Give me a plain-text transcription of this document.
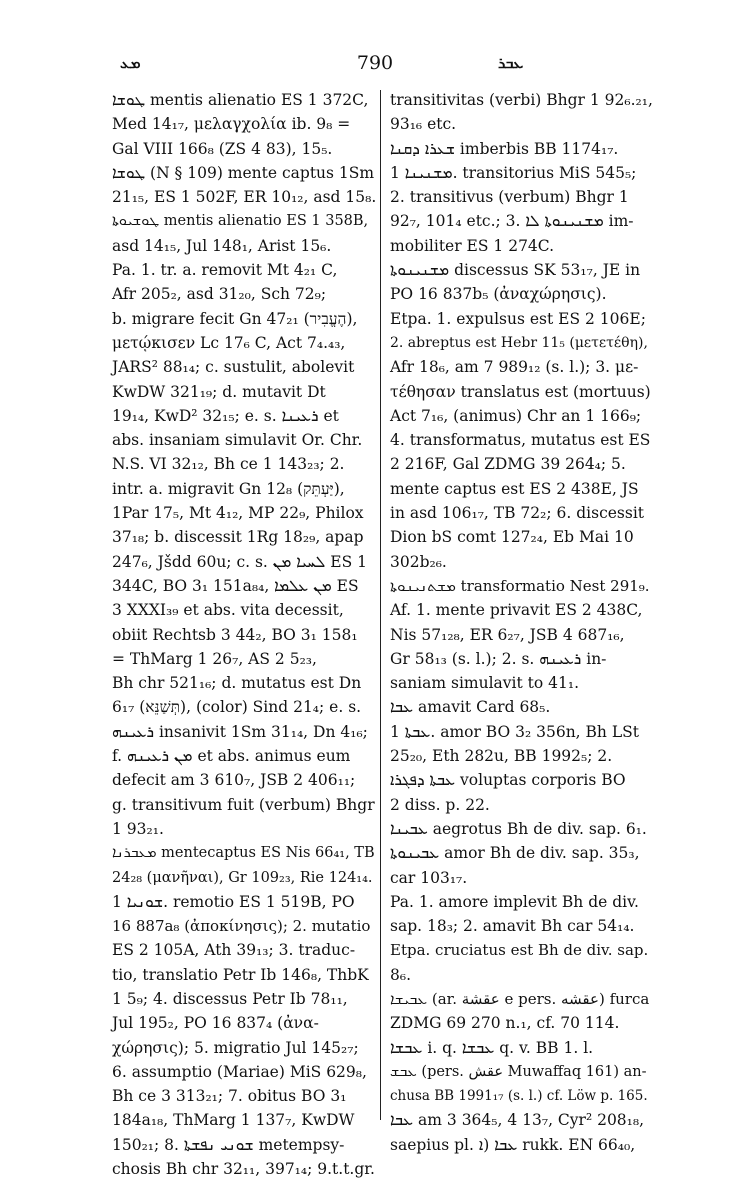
ܡܥ	790	ܥܒܪ
ܛܘܫܐ mentis alienatio ES 1 372C,
Med 14₁₇, μελαγχολία ib. 9₈ =
Gal VIII 166₈ (ZS 4 83), 15₅.
ܛܘܫܐ (N § 109) mente captus 1Sm
21₁₅, ES 1 502F, ER 10₁₂, asd 15₈.
ܛܘܫܝܘܬܐ mentis alienatio ES 1 358B,
asd 14₁₅, Jul 148₁, Arist 15₆.
Pa. 1. tr. a. removit Mt 4₂₁ C,
Afr 205₂, asd 31₂₀, Sch 72₉;
b. migrare fecit Gn 47₂₁ (הֶעֱבִיר),
μετῴκισεν Lc 17₆ C, Act 7₄.₄₃,
JARS² 88₁₄; c. sustulit, abolevit
KwDW 321₁₉; d. mutavit Dt
19₁₄, KwD² 32₁₅; e. s. ܪܥܝܢܐ et
abs. insaniam simulavit Or. Chr.
N.S. VI 32₁₂, Bh ce 1 143₂₃; 2.
intr. a. migravit Gn 12₈ (יַּעְתֵּק),
1Par 17₅, Mt 4₁₂, MP 22₉, Philox
37₁₈; b. discessit 1Rg 18₂₉, apap
247₆, Jšdd 60u; c. s. ܠܚܝܐ ܡܢ ES 1
344C, BO 3₁ 151a₈₄, ܡܢ ܥܠܡܐ ES
3 XXXI₃₉ et abs. vita decessit,
obiit Rechtsb 3 44₂, BO 3₁ 158₁
= ThMarg 1 26₇, AS 2 5₂₃,
Bh chr 521₁₆; d. mutatus est Dn
6₁₇ (תְּשַׁנֵּא), (color) Sind 21₄; e. s.
ܪܥܝܢܗ insanivit 1Sm 31₁₄, Dn 4₁₆;
f. ܡܢ ܪܥܝܢܗ et abs. animus eum
defecit am 3 610₇, JSB 2 406₁₁;
g. transitivum fuit (verbum) Bhgr
1 93₂₁.
ܡܥܒܪܢܐ mentecaptus ES Nis 66₄₁, TB
24₂₈ (μανῆναι), Gr 109₂₃, Rie 124₁₄.
ܫܘܢܝܐ 1. remotio ES 1 519B, PO
16 887a₈ (ἀποκίνησις); 2. mutatio
ES 2 105A, Ath 39₁₃; 3. traduc-
tio, translatio Petr Ib 146₈, ThbK
1 5₉; 4. discessus Petr Ib 78₁₁,
Jul 195₂, PO 16 837₄ (ἀνα-
χώρησις); 5. migratio Jul 145₂₇;
6. assumptio (Mariae) MiS 629₈,
Bh ce 3 313₂₁; 7. obitus BO 3₁
184a₁₈, ThMarg 1 137₇, KwDW
150₂₁; 8. ܫܘܢܝ ܢܦܫܬܐ metempsy-
chosis Bh chr 32₁₁, 397₁₄; 9.t.t.gr.
transitivitas (verbi) Bhgr 1 92₆.₂₁,
93₁₆ etc.
ܫܥܪܐ ܕܩܢܐ imberbis BB 1174₁₇.
ܡܫܢܝܢܐ 1. transitorius MiS 545₅;
2. transitivus (verbum) Bhgr 1
92₇, 101₄ etc.; 3. ܡܫܢܝܢܘܬܐ ܠܐ im-
mobiliter ES 1 274C.
ܡܫܢܝܢܘܬܐ discessus SK 53₁₇, JE in
PO 16 837b₅ (ἀναχώρησις).
Etpa. 1. expulsus est ES 2 106E;
2. abreptus est Hebr 11₅ (μετετέθη),
Afr 18₆, am 7 989₁₂ (s. l.); 3. με-
τέθησαν translatus est (mortuus)
Act 7₁₆, (animus) Chr an 1 166₉;
4. transformatus, mutatus est ES
2 216F, Gal ZDMG 39 264₄; 5.
mente captus est ES 2 438E, JS
in asd 106₁₇, TB 72₂; 6. discessit
Dion bS comt 127₂₄, Eb Mai 10
302b₂₆.
ܡܫܬܢܝܢܘܬܐ transformatio Nest 291₉.
Af. 1. mente privavit ES 2 438C,
Nis 57₁₂₈, ER 6₂₇, JSB 4 687₁₆,
Gr 58₁₃ (s. l.); 2. s. ܪܥܝܢܗ in-
saniam simulavit to 41₁.
ܥܒܐ amavit Card 68₅.
ܥܒܬܐ 1. amor BO 3₂ 356n, Bh LSt
25₂₀, Eth 282u, BB 1992₅; 2.
ܥܒܬܐ ܕܦܓܪܐ voluptas corporis BO
2 diss. p. 22.
ܥܒܝܢܐ aegrotus Bh de div. sap. 6₁.
ܥܒܝܢܘܬܐ amor Bh de div. sap. 35₃,
car 103₁₇.
Pa. 1. amore implevit Bh de div.
sap. 18₃; 2. amavit Bh car 54₁₄.
Etpa. cruciatus est Bh de div. sap.
8₆.
ܥܒܝܫܐ (ar. عقشة e pers. عقشه) furca
ZDMG 69 270 n.₁, cf. 70 114.
ܥܒܫܐ i. q. ܥܒܫܐ q. v. BB 1. l.
ܥܒܫ (pers. عقش Muwaffaq 161) an-
chusa BB 1991₁₇ (s. l.) cf. Löw p. 165.
ܥܒܐ am 3 364₅, 4 13₇, Cyr² 208₁₈,
saepius pl. ܥܒܐ (ܐ rukk. EN 66₄₀,
